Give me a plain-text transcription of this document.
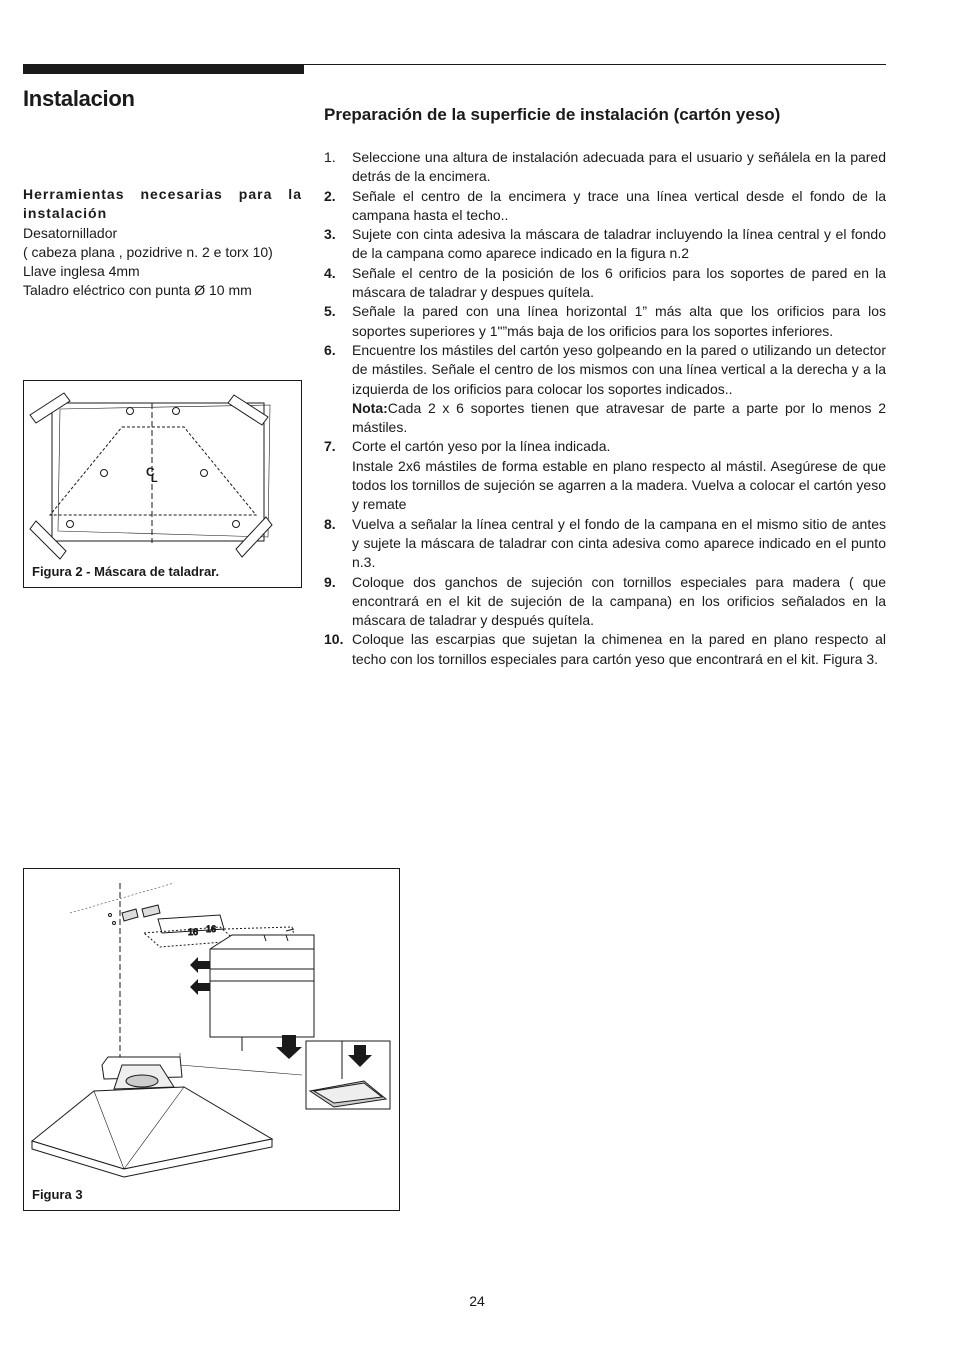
Instalacion
Preparación de la superficie de instalación (cartón yeso)
Herramientas necesarias para la instalación
Desatornillador
( cabeza plana , pozidrive n. 2 e torx 10)
Llave inglesa 4mm
Taladro eléctrico con punta Ø 10 mm
1. Seleccione una altura de instalación adecuada para el usuario y señálela en la pared detrás de la encimera.
2. Señale el centro de la encimera y trace una línea vertical desde el fondo de la campana hasta el techo..
3. Sujete con cinta adesiva la máscara de taladrar incluyendo la línea central y el fondo de la campana como aparece indicado en la figura n.2
4. Señale el centro de la posición de los 6 orificios para los soportes de pared en la máscara de taladrar y despues quítela.
5. Señale la pared con una línea horizontal 1” más alta que los orificios para los soportes superiores y 1"”más baja de los orificios para los soportes inferiores.
6. Encuentre los mástiles del cartón yeso golpeando en la pared o utilizando un detector de mástiles. Señale el centro de los mismos con una línea vertical a la derecha y a la izquierda de los orificios para colocar los soportes indicados..
Nota:Cada 2 x 6 soportes tienen que atravesar de parte a parte por lo menos 2 mástiles.
7. Corte el cartón yeso por la línea indicada.
Instale 2x6 mástiles de forma estable en plano respecto al mástil. Asegúrese de que todos los tornillos de sujeción se agarren a la madera. Vuelva a colocar el cartón yeso y remate
8. Vuelva a señalar la línea central y el fondo de la campana en el mismo sitio de antes y sujete la máscara de taladrar con cinta adesiva como aparece indicado en el punto n.3.
9. Coloque dos ganchos de sujeción con tornillos especiales para madera ( que encontrará en el kit de sujeción de la campana) en los orificios señalados en la máscara de taladrar y después quítela.
10. Coloque las escarpias que sujetan la chimenea en la pared en plano respecto al techo con los tornillos especiales para cartón yeso que encontrará en el kit. Figura 3.
C
L
Figura 2 - Máscara de taladrar.
16 16
Figura 3
24
